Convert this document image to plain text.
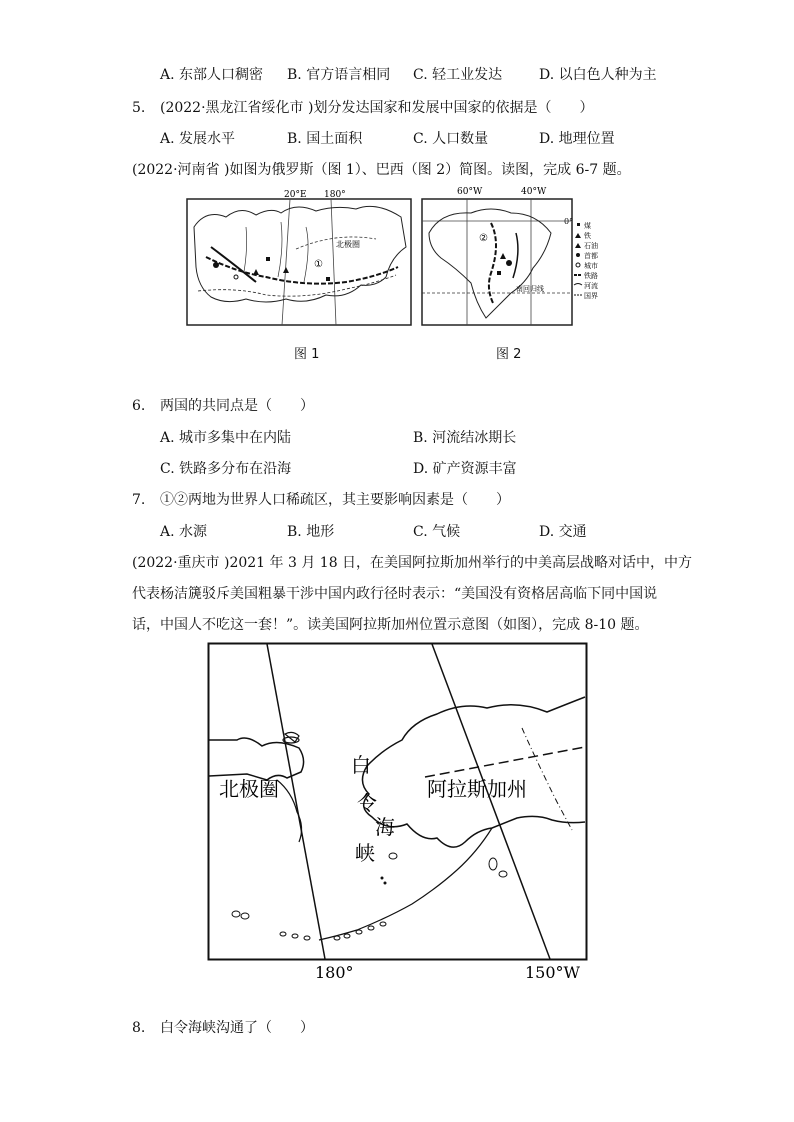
A. 东部人口稠密 B. 官方语言相同 C. 轻工业发达	D. 以白色人种为主
5. (2022·黑龙江省绥化市 )划分发达国家和发展中国家的依据是（　　）
A. 发展水平	B. 国土面积	C. 人口数量	D. 地理位置
(2022·河南省 )如图为俄罗斯（图 1）、巴西（图 2）简图。读图，完成 6-7 题。
20°E 180°
北极圈
①
图 1
60°W	40°W
0°
南回归线
②
煤
铁
石油
首都
城市
铁路
河流
国界
图 2
6. 两国的共同点是（　　）
A. 城市多集中在内陆	B. 河流结冰期长
C. 铁路多分布在沿海	D. 矿产资源丰富
7. ①②两地为世界人口稀疏区，其主要影响因素是（　　）
A. 水源	B. 地形	C. 气候	D. 交通
(2022·重庆市 )2021 年 3 月 18 日，在美国阿拉斯加州举行的中美高层战略对话中，中方
代表杨洁篪驳斥美国粗暴干涉中国内政行径时表示：“美国没有资格居高临下同中国说
话，中国人不吃这一套！”。读美国阿拉斯加州位置示意图（如图），完成 8-10 题。
北极圈	阿拉斯加州
白
令
海
峡
180°	150°W
8. 白令海峡沟通了（　　）
